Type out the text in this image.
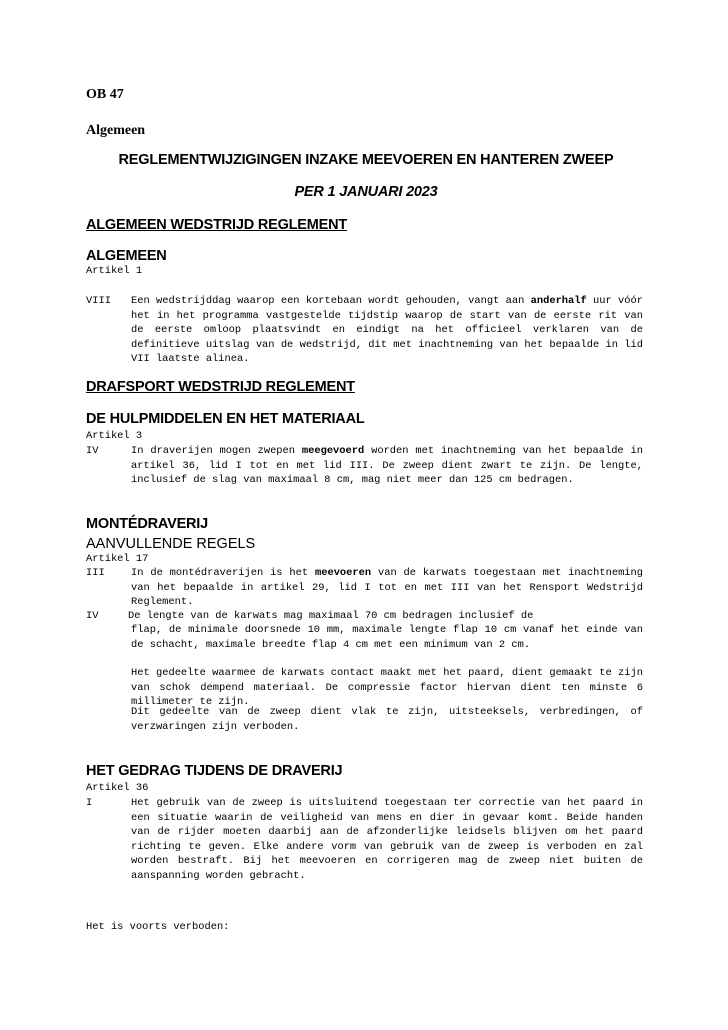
OB 47
Algemeen
REGLEMENTWIJZIGINGEN INZAKE MEEVOEREN EN HANTEREN ZWEEP
PER 1 JANUARI 2023
ALGEMEEN WEDSTRIJD REGLEMENT
ALGEMEEN
Artikel 1
VIII Een wedstrijddag waarop een kortebaan wordt gehouden, vangt aan anderhalf uur vóór het in het programma vastgestelde tijdstip waarop de start van de eerste rit van de eerste omloop plaatsvindt en eindigt na het officieel verklaren van de definitieve uitslag van de wedstrijd, dit met inachtneming van het bepaalde in lid VII laatste alinea.
DRAFSPORT WEDSTRIJD REGLEMENT
DE HULPMIDDELEN EN HET MATERIAAL
Artikel 3
IV	In draverijen mogen zwepen meegevoerd worden met inachtneming van het bepaalde in artikel 36, lid I tot en met lid III. De zweep dient zwart te zijn. De lengte, inclusief de slag van maximaal 8 cm, mag niet meer dan 125 cm bedragen.
MONTÉDRAVERIJ
AANVULLENDE REGELS
Artikel 17
III	In de montédraverijen is het meevoeren van de karwats toegestaan met inachtneming van het bepaalde in artikel 29, lid I tot en met III van het Rensport Wedstrijd Reglement.
IV	De lengte van de karwats mag maximaal 70 cm bedragen inclusief de
flap, de minimale doorsnede 10 mm, maximale lengte flap 10 cm vanaf het einde van de schacht, maximale breedte flap 4 cm met een minimum van 2 cm.
Het gedeelte waarmee de karwats contact maakt met het paard, dient gemaakt te zijn van schok dempend materiaal. De compressie factor hiervan dient ten minste 6 millimeter te zijn.
Dit gedeelte van de zweep dient vlak te zijn, uitsteeksels, verbredingen, of verzwaringen zijn verboden.
HET GEDRAG TIJDENS DE DRAVERIJ
Artikel 36
I	Het gebruik van de zweep is uitsluitend toegestaan ter correctie van het paard in een situatie waarin de veiligheid van mens en dier in gevaar komt. Beide handen van de rijder moeten daarbij aan de afzonderlijke leidsels blijven om het paard richting te geven. Elke andere vorm van gebruik van de zweep is verboden en zal worden bestraft. Bij het meevoeren en corrigeren mag de zweep niet buiten de aanspanning worden gebracht.
Het is voorts verboden:
